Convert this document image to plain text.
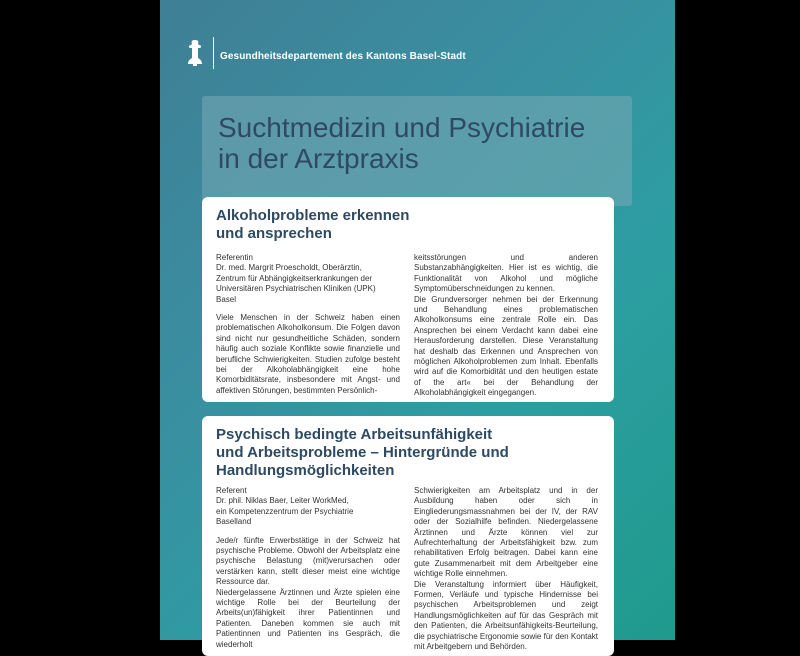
Gesundheitsdepartement des Kantons Basel-Stadt
Suchtmedizin und Psychiatrie
in der Arztpraxis
Alkoholprobleme erkennen
und ansprechen

Referentin

Dr. med. Margrit Proescholdt, Oberärztin,

Zentrum für Abhängigkeitserkrankungen der

Universitären Psychiatrischen Kliniken (UPK)

Basel

Viele Menschen in der Schweiz haben einen problematischen Alkoholkonsum. Die Folgen davon sind nicht nur gesundheitliche Schäden, sondern häufig auch soziale Konflikte sowie finanzielle und berufliche Schwierigkeiten. Studien zufolge besteht bei der Alkoholabhängigkeit eine hohe Komorbiditätsrate, insbesondere mit Angst- und affektiven Störungen, bestimmten Persönlich-

keitsstörungen und anderen Substanzabhängigkeiten. Hier ist es wichtig, die Funktionalität von Alkohol und mögliche Symptomüberschneidungen zu kennen.

Die Grundversorger nehmen bei der Erkennung und Behandlung eines problematischen Alkoholkonsums eine zentrale Rolle ein. Das Ansprechen bei einem Verdacht kann dabei eine Herausforderung darstellen. Diese Veranstaltung hat deshalb das Erkennen und Ansprechen von möglichen Alkoholproblemen zum Inhalt. Ebenfalls wird auf die Komorbidität und den heutigen estate of the art« bei der Behandlung der Alkoholabhängigkeit eingegangen.

Psychisch bedingte Arbeitsunfähigkeit
und Arbeitsprobleme – Hintergründe und
Handlungsmöglichkeiten

Referent

Dr. phil. Niklas Baer, Leiter WorkMed,

ein Kompetenzzentrum der Psychiatrie

Baselland

Jede/r fünfte Erwerbstätige in der Schweiz hat psychische Probleme. Obwohl der Arbeitsplatz eine psychische Belastung (mit)verursachen oder verstärken kann, stellt dieser meist eine wichtige Ressource dar.

Niedergelassene Ärztinnen und Ärzte spielen eine wichtige Rolle bei der Beurteilung der Arbeits(un)fähigkeit ihrer Patientinnen und Patienten. Daneben kommen sie auch mit Patientinnen und Patienten ins Gespräch, die wiederholt

Schwierigkeiten am Arbeitsplatz und in der Ausbildung haben oder sich in Eingliederungsmassnahmen bei der IV, der RAV oder der Sozialhilfe befinden. Niedergelassene Ärztinnen und Ärzte können viel zur Aufrechterhaltung der Arbeitsfähigkeit bzw. zum rehabilitativen Erfolg beitragen. Dabei kann eine gute Zusammenarbeit mit dem Arbeitgeber eine wichtige Rolle einnehmen.

Die Veranstaltung informiert über Häufigkeit, Formen, Verläufe und typische Hindernisse bei psychischen Arbeitsproblemen und zeigt Handlungsmöglichkeiten auf für das Gespräch mit den Patienten, die Arbeitsunfähigkeits-Beurteilung, die psychiatrische Ergonomie sowie für den Kontakt mit Arbeitgebern und Behörden.
